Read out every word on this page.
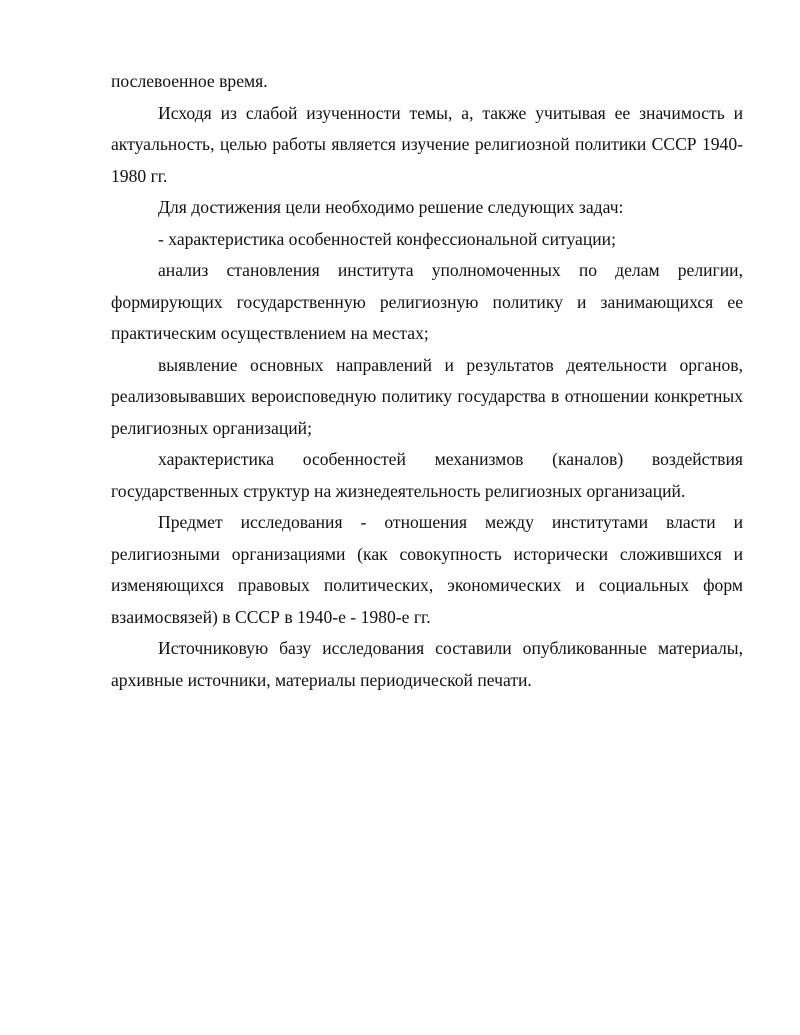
послевоенное время.

Исходя из слабой изученности темы, а, также учитывая ее значимость и актуальность, целью работы является изучение религиозной политики СССР 1940-1980 гг.

Для достижения цели необходимо решение следующих задач:

- характеристика особенностей конфессиональной ситуации;

анализ становления института уполномоченных по делам религии, формирующих государственную религиозную политику и занимающихся ее практическим осуществлением на местах;

выявление основных направлений и результатов деятельности органов, реализовывавших вероисповедную политику государства в отношении конкретных религиозных организаций;

характеристика особенностей механизмов (каналов) воздействия государственных структур на жизнедеятельность религиозных организаций.

Предмет исследования - отношения между институтами власти и религиозными организациями (как совокупность исторически сложившихся и изменяющихся правовых политических, экономических и социальных форм взаимосвязей) в СССР в 1940-е - 1980-е гг.

Источниковую базу исследования составили опубликованные материалы, архивные источники, материалы периодической печати.
